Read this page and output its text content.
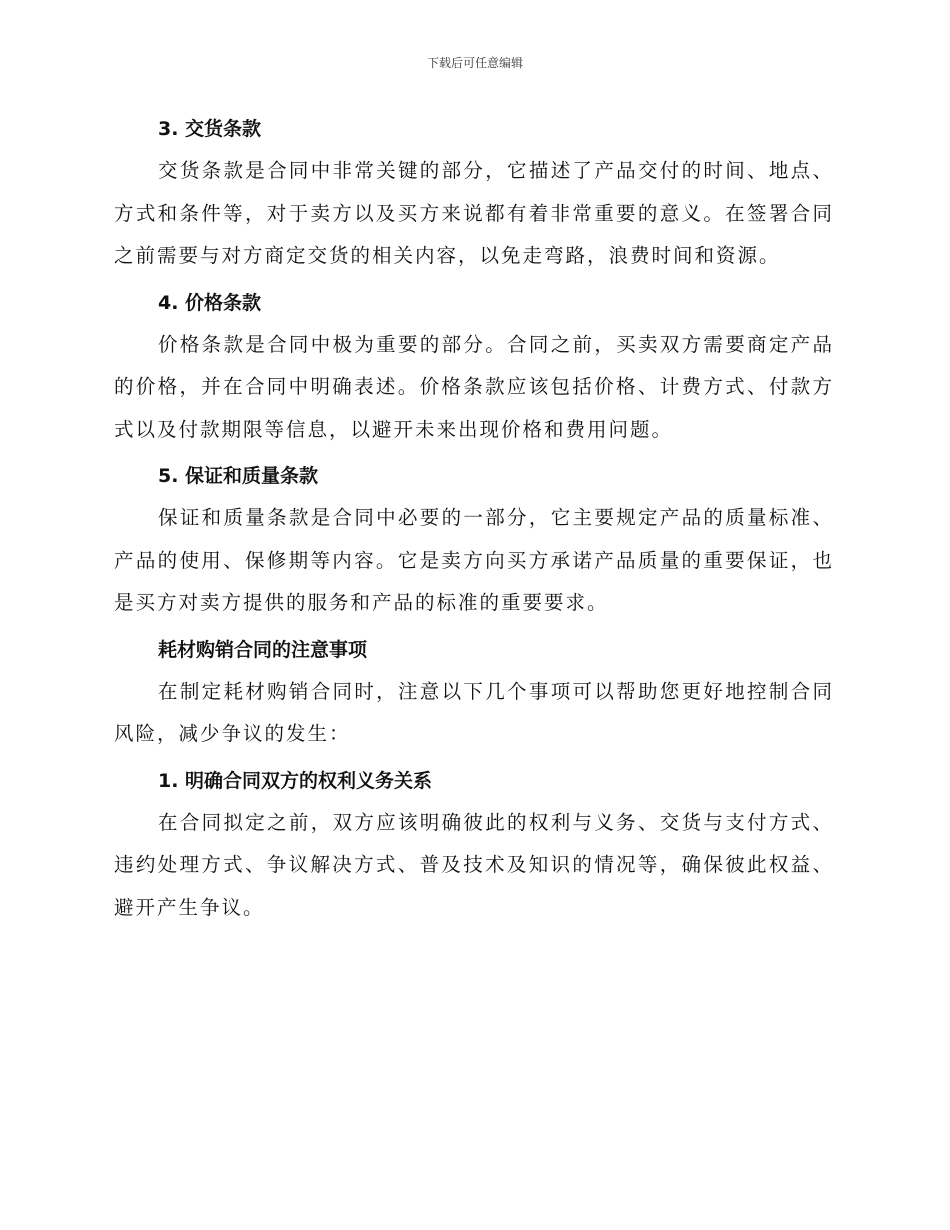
下载后可任意编辑
3. 交货条款

交货条款是合同中非常关键的部分，它描述了产品交付的时间、地点、方式和条件等，对于卖方以及买方来说都有着非常重要的意义。在签署合同之前需要与对方商定交货的相关内容，以免走弯路，浪费时间和资源。

4. 价格条款

价格条款是合同中极为重要的部分。合同之前，买卖双方需要商定产品的价格，并在合同中明确表述。价格条款应该包括价格、计费方式、付款方式以及付款期限等信息，以避开未来出现价格和费用问题。

5. 保证和质量条款

保证和质量条款是合同中必要的一部分，它主要规定产品的质量标准、产品的使用、保修期等内容。它是卖方向买方承诺产品质量的重要保证，也是买方对卖方提供的服务和产品的标准的重要要求。

耗材购销合同的注意事项

在制定耗材购销合同时，注意以下几个事项可以帮助您更好地控制合同风险，减少争议的发生：

1. 明确合同双方的权利义务关系

在合同拟定之前，双方应该明确彼此的权利与义务、交货与支付方式、违约处理方式、争议解决方式、普及技术及知识的情况等，确保彼此权益、避开产生争议。
